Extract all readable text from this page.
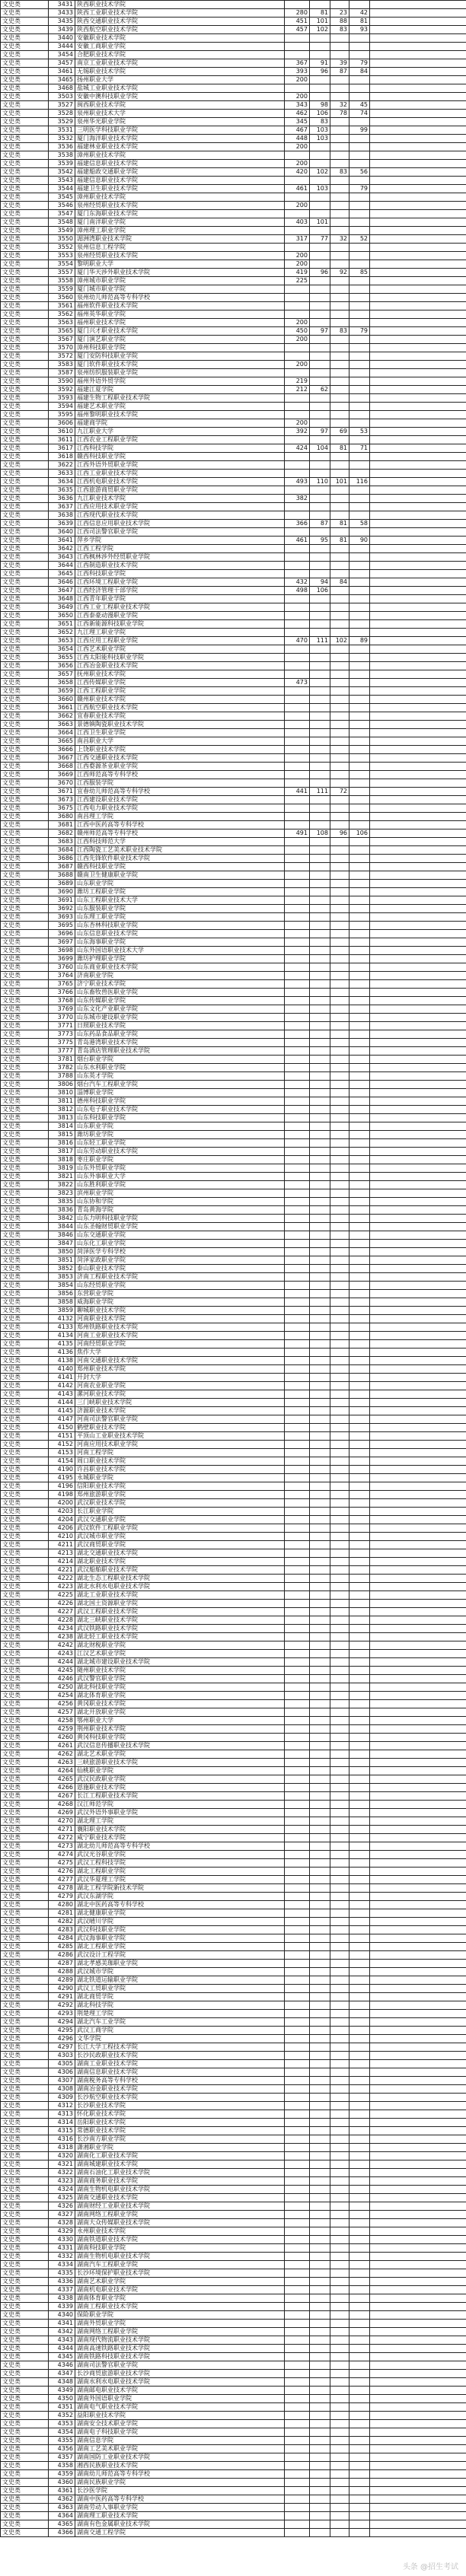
文史类	3431	陕西职业技术学院					
文史类	3433	陕西工业职业技术学院	280	81	23	42	
文史类	3435	陕西交通职业技术学院	451	101	88	81	
文史类	3439	陕西航空职业技术学院	457	102	83	93	
文史类	3440	安徽职业技术学院					
文史类	3444	安徽工商职业学院					
文史类	3454	合肥职业技术学院					
文史类	3457	南京工业职业技术学院	367	91	39	79	
文史类	3461	无锡职业技术学院	393	96	87	84	
文史类	3465	扬州职业大学	200				
文史类	3468	盐城工业职业技术学院					
文史类	3503	安徽中澳科技职业学院	200				
文史类	3527	闽西职业技术学院	343	98	32	45	
文史类	3528	泉州职业技术大学	462	106	78	74	
文史类	3529	泉州华光职业学院	345	83			
文史类	3531	三明医学科技职业学院	467	103		99	
文史类	3532	厦门海洋职业技术学院	448	103			
文史类	3536	福建林业职业技术学院	200				
文史类	3538	漳州职业技术学院					
文史类	3539	福建信息职业技术学院	200				
文史类	3542	福建船政交通职业学院	420	102	83	56	
文史类	3543	福建信息职业技术学院					
文史类	3544	福建卫生职业技术学院	461	103		79	
文史类	3545	漳州职业技术学院					
文史类	3546	泉州经贸职业技术学院	200				
文史类	3547	厦门东海职业技术学院					
文史类	3548	厦门南洋职业学院	403	101			
文史类	3549	漳州理工职业学院					
文史类	3550	湄洲湾职业技术学院	317	77	32	52	
文史类	3552	泉州信息工程学院					
文史类	3553	泉州经贸职业技术学院	200				
文史类	3554	黎明职业大学	200				
文史类	3557	厦门华天涉外职业技术学院	419	96	92	85	
文史类	3558	漳州城市职业学院	225				
文史类	3559	厦门城市职业学院					
文史类	3560	泉州幼儿师范高等专科学校					
文史类	3561	福州软件职业技术学院					
文史类	3562	福州英华职业学院					
文史类	3563	福州职业技术学院	200				
文史类	3565	厦门兴才职业技术学院	450	97	83	79	
文史类	3567	厦门演艺职业学院	200				
文史类	3570	漳州科技职业学院					
文史类	3572	厦门安防科技职业学院					
文史类	3583	厦门软件职业技术学院	200				
文史类	3587	泉州纺织服装职业学院					
文史类	3590	福州外语外贸学院	219				
文史类	3592	福建江夏学院	212	62			
文史类	3593	福建生物工程职业技术学院					
文史类	3594	福建艺术职业学院					
文史类	3595	福州黎明职业技术学院					
文史类	3606	福建商学院	200				
文史类	3610	九江职业大学	392	97	69	53	
文史类	3611	江西农业工程职业学院					
文史类	3617	江西科技学院	424	104	81	71	
文史类	3618	赣西科技职业学院					
文史类	3622	江西外语外贸职业学院					
文史类	3633	江西工业职业技术学院					
文史类	3634	江西机电职业技术学院	493	110	101	116	
文史类	3635	江西旅游商贸职业学院					
文史类	3636	九江职业技术学院	382				
文史类	3637	江西应用技术职业学院					
文史类	3638	江西现代职业技术学院					
文史类	3639	江西信息应用职业技术学院	366	87	81	58	
文史类	3640	江西司法警官职业学院					
文史类	3641	萍乡学院	461	95	81	90	
文史类	3642	江西工程学院					
文史类	3643	江西枫林涉外经贸职业学院					
文史类	3644	江西制造职业技术学院					
文史类	3645	江西科技职业学院					
文史类	3646	江西环境工程职业学院	432	94	84		
文史类	3647	江西经济管理干部学院	498	106			
文史类	3648	江西青年职业学院					
文史类	3649	江西工业工程职业技术学院					
文史类	3650	江西泰豪动漫职业学院					
文史类	3651	江西新能源科技职业学院					
文史类	3652	九江理工职业学院					
文史类	3653	江西应用工程职业学院	470	111	102	89	
文史类	3654	江西艺术职业学院					
文史类	3655	江西太阳能科技职业学院					
文史类	3656	江西冶金职业技术学院					
文史类	3657	抚州职业技术学院					
文史类	3658	江西传媒职业学院	473				
文史类	3659	江西工程职业学院					
文史类	3660	赣州职业技术学院					
文史类	3661	江西航空职业技术学院					
文史类	3662	宜春职业技术学院					
文史类	3663	景德镇陶瓷职业技术学院					
文史类	3664	江西卫生职业学院					
文史类	3665	南昌职业大学					
文史类	3666	上饶职业技术学院					
文史类	3667	江西交通职业技术学院					
文史类	3668	江西婺源茶业职业学院					
文史类	3669	江西师范高等专科学校					
文史类	3670	江西服装学院					
文史类	3671	宜春幼儿师范高等专科学校	441	111	72		
文史类	3673	江西建设职业技术学院					
文史类	3675	江西电力职业技术学院					
文史类	3680	南昌理工学院					
文史类	3681	江西中医药高等专科学校					
文史类	3682	赣州师范高等专科学校	491	108	96	106	
文史类	3683	江西科技师范大学					
文史类	3684	江西陶瓷工艺美术职业技术学院					
文史类	3686	江西先锋软件职业技术学院					
文史类	3687	赣西科技职业学院					
文史类	3688	赣南卫生健康职业学院					
文史类	3689	山东职业学院					
文史类	3690	潍坊工程职业学院					
文史类	3691	山东工程职业技术大学					
文史类	3692	山东服装职业学院					
文史类	3693	山东理工职业学院					
文史类	3695	山东杏林科技职业学院					
文史类	3696	山东信息职业技术学院					
文史类	3697	山东海事职业学院					
文史类	3698	山东外国语职业技术大学					
文史类	3699	潍坊护理职业学院					
文史类	3760	山东商业职业技术学院					
文史类	3764	济南职业学院					
文史类	3765	济宁职业技术学院					
文史类	3766	山东畜牧兽医职业学院					
文史类	3768	山东传媒职业学院					
文史类	3769	山东文化产业职业学院					
文史类	3770	山东城市建设职业学院					
文史类	3771	日照职业技术学院					
文史类	3773	山东药品食品职业学院					
文史类	3775	青岛港湾职业技术学院					
文史类	3777	青岛酒店管理职业技术学院					
文史类	3781	烟台职业学院					
文史类	3782	山东水利职业学院					
文史类	3788	山东英才学院					
文史类	3806	烟台汽车工程职业学院					
文史类	3810	淄博职业学院					
文史类	3811	德州科技职业学院					
文史类	3812	山东电子职业技术学院					
文史类	3813	山东科技职业学院					
文史类	3814	山东职业学院					
文史类	3815	潍坊职业学院					
文史类	3816	山东轻工职业学院					
文史类	3817	山东劳动职业技术学院					
文史类	3818	枣庄职业学院					
文史类	3819	山东外贸职业学院					
文史类	3821	山东外事职业大学					
文史类	3822	山东胜利职业学院					
文史类	3823	滨州职业学院					
文史类	3835	山东协和学院					
文史类	3836	青岛黄海学院					
文史类	3842	山东力明科技职业学院					
文史类	3844	山东圣翰财贸职业学院					
文史类	3846	山东交通职业学院					
文史类	3847	山东化工职业学院					
文史类	3850	菏泽医学专科学校					
文史类	3851	菏泽家政职业学院					
文史类	3852	泰山职业技术学院					
文史类	3853	济南工程职业技术学院					
文史类	3854	山东经贸职业学院					
文史类	3856	东营职业学院					
文史类	3858	威海职业学院					
文史类	3859	聊城职业技术学院					
文史类	4132	河南职业技术学院					
文史类	4133	郑州铁路职业技术学院					
文史类	4134	河南工业职业技术学院					
文史类	4135	河南经贸职业学院					
文史类	4136	焦作大学					
文史类	4138	河南交通职业技术学院					
文史类	4140	郑州职业技术学院					
文史类	4141	开封大学					
文史类	4142	河南农业职业学院					
文史类	4143	漯河职业技术学院					
文史类	4144	三门峡职业技术学院					
文史类	4145	济源职业技术学院					
文史类	4147	河南司法警官职业学院					
文史类	4150	鹤壁职业技术学院					
文史类	4151	平顶山工业职业技术学院					
文史类	4152	河南应用技术职业学院					
文史类	4153	河南工程学院					
文史类	4154	周口职业技术学院					
文史类	4190	许昌职业技术学院					
文史类	4195	永城职业学院					
文史类	4196	信阳职业技术学院					
文史类	4198	郑州旅游职业学院					
文史类	4200	武汉职业技术学院					
文史类	4203	长江职业学院					
文史类	4204	武汉交通职业学院					
文史类	4206	武汉软件工程职业学院					
文史类	4210	武汉城市职业学院					
文史类	4211	武汉商贸职业学院					
文史类	4213	湖北交通职业技术学院					
文史类	4214	湖北职业技术学院					
文史类	4221	武汉船舶职业技术学院					
文史类	4222	湖北生态工程职业技术学院					
文史类	4223	湖北水利水电职业技术学院					
文史类	4225	湖北工业职业技术学院					
文史类	4226	湖北国土资源职业学院					
文史类	4227	武汉工程职业技术学院					
文史类	4228	湖北三峡职业技术学院					
文史类	4234	武汉铁路职业技术学院					
文史类	4238	湖北轻工职业技术学院					
文史类	4242	湖北财税职业学院					
文史类	4243	江汉艺术职业学院					
文史类	4244	湖北城市建设职业技术学院					
文史类	4245	随州职业技术学院					
文史类	4246	武汉警官职业学院					
文史类	4250	湖北科技职业学院					
文史类	4254	湖北体育职业学院					
文史类	4256	黄冈职业技术学院					
文史类	4257	湖北开放职业学院					
文史类	4258	鄂州职业大学					
文史类	4259	荆州职业技术学院					
文史类	4260	黄冈科技职业学院					
文史类	4261	武汉信息传播职业技术学院					
文史类	4262	湖北艺术职业学院					
文史类	4263	三峡旅游职业技术学院					
文史类	4264	仙桃职业学院					
文史类	4265	武汉民政职业学院					
文史类	4266	恩施职业技术学院					
文史类	4267	长江工程职业技术学院					
文史类	4268	汉江师范学院					
文史类	4269	武汉外语外事职业学院					
文史类	4270	湖北理工学院					
文史类	4271	襄阳职业技术学院					
文史类	4272	咸宁职业技术学院					
文史类	4273	湖北幼儿师范高等专科学校					
文史类	4274	武汉光谷职业学院					
文史类	4275	武汉工程科技学院					
文史类	4276	湖北工程职业学院					
文史类	4277	武汉华夏理工学院					
文史类	4278	湖北工程学院新技术学院					
文史类	4279	武汉东湖学院					
文史类	4280	湖北中医药高等专科学校					
文史类	4281	湖北健康职业学院					
文史类	4282	武汉晴川学院					
文史类	4283	武汉科技职业学院					
文史类	4284	武汉海事职业学院					
文史类	4285	湖北工程职业学院					
文史类	4286	武汉设计工程学院					
文史类	4287	湖北孝感美珈职业学院					
文史类	4288	武汉城市学院					
文史类	4289	湖北铁道运输职业学院					
文史类	4290	武汉工贸职业学院					
文史类	4291	湖北商贸学院					
文史类	4292	湖北科技学院					
文史类	4293	荆楚理工学院					
文史类	4294	湖北汽车工业学院					
文史类	4295	武汉工商学院					
文史类	4296	文华学院					
文史类	4297	长江大学工程技术学院					
文史类	4303	长沙民政职业技术学院					
文史类	4305	湖南工业职业技术学院					
文史类	4306	湖南信息职业技术学院					
文史类	4307	湖南税务高等专科学校					
文史类	4308	湖南冶金职业技术学院					
文史类	4309	长沙航空职业技术学院					
文史类	4312	长沙职业技术学院					
文史类	4313	怀化职业技术学院					
文史类	4314	岳阳职业技术学院					
文史类	4315	常德职业技术学院					
文史类	4316	长沙南方职业学院					
文史类	4318	潇湘职业学院					
文史类	4320	湖南化工职业技术学院					
文史类	4321	湖南城建职业技术学院					
文史类	4322	湖南石油化工职业技术学院					
文史类	4323	湖南商务职业技术学院					
文史类	4324	湖南生物机电职业技术学院					
文史类	4325	湖南交通职业技术学院					
文史类	4326	湖南财经工业职业技术学院					
文史类	4327	湖南网络工程职业学院					
文史类	4328	湖南大众传媒职业技术学院					
文史类	4329	永州职业技术学院					
文史类	4330	湖南铁道职业技术学院					
文史类	4331	湖南科技职业学院					
文史类	4332	湖南生物机电职业技术学院					
文史类	4334	湖南汽车工程职业学院					
文史类	4335	长沙环境保护职业技术学院					
文史类	4336	湖南艺术职业学院					
文史类	4337	湖南机电职业技术学院					
文史类	4338	湖南体育职业学院					
文史类	4339	湖南工程职业技术学院					
文史类	4340	保险职业学院					
文史类	4341	湖南外贸职业学院					
文史类	4342	湖南网络工程职业学院					
文史类	4343	湖南现代物流职业技术学院					
文史类	4344	湖南高速铁路职业技术学院					
文史类	4345	湖南铁路科技职业技术学院					
文史类	4346	湖南司法警官职业学院					
文史类	4347	长沙商贸旅游职业技术学院					
文史类	4348	湖南水利水电职业技术学院					
文史类	4349	湖南邮电职业技术学院					
文史类	4350	湖南外国语职业学院					
文史类	4351	湖南电气职业技术学院					
文史类	4352	益阳职业技术学院					
文史类	4353	湖南安全技术职业学院					
文史类	4354	湖南电子科技职业学院					
文史类	4355	湖南信息学院					
文史类	4356	湖南工艺美术职业学院					
文史类	4357	湖南国防工业职业技术学院					
文史类	4358	湘西民族职业技术学院					
文史类	4359	湖南幼儿师范高等专科学校					
文史类	4360	湖南民族职业学院					
文史类	4361	长沙医学院					
文史类	4362	湖南中医药高等专科学校					
文史类	4363	湖南劳动人事职业学院					
文史类	4364	湖南理工职业技术学院					
文史类	4365	湖南有色金属职业技术学院					
文史类	4366	湖南交通工程学院					
头条 @招生考试
